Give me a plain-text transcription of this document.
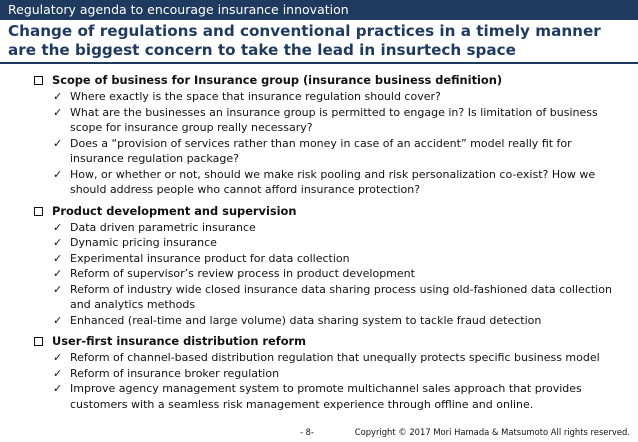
Regulatory agenda to encourage insurance innovation
Change of regulations and conventional practices in a timely manner are the biggest concern to take the lead in insurtech space
Scope of business for Insurance group (insurance business definition)
✓ Where exactly is the space that insurance regulation should cover?
✓ What are the businesses an insurance group is permitted to engage in? Is limitation of business scope for insurance group really necessary?
✓ Does a “provision of services rather than money in case of an accident” model really fit for insurance regulation package?
✓ How, or whether or not, should we make risk pooling and risk personalization co-exist? How we should address people who cannot afford insurance protection?
Product development and supervision
✓ Data driven parametric insurance
✓ Dynamic pricing insurance
✓ Experimental insurance product for data collection
✓ Reform of supervisor’s review process in product development
✓ Reform of industry wide closed insurance data sharing process using old-fashioned data collection and analytics methods
✓ Enhanced (real-time and large volume) data sharing system to tackle fraud detection
User-first insurance distribution reform
✓ Reform of channel-based distribution regulation that unequally protects specific business model
✓ Reform of insurance broker regulation
✓ Improve agency management system to promote multichannel sales approach that provides customers with a seamless risk management experience through offline and online.
- 8-	Copyright © 2017 Mori Hamada & Matsumoto All rights reserved.
